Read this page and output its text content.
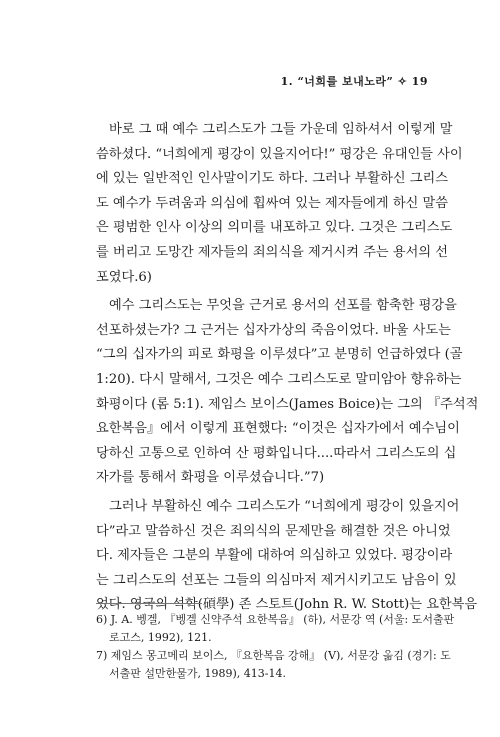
1. “너희를 보내노라” ✧ 19
바로 그 때 예수 그리스도가 그들 가운데 임하셔서 이렇게 말
씀하셨다. “너희에게 평강이 있을지어다!” 평강은 유대인들 사이
에 있는 일반적인 인사말이기도 하다. 그러나 부활하신 그리스
도 예수가 두려움과 의심에 휩싸여 있는 제자들에게 하신 말씀
은 평범한 인사 이상의 의미를 내포하고 있다. 그것은 그리스도
를 버리고 도망간 제자들의 죄의식을 제거시켜 주는 용서의 선
포였다.6)
예수 그리스도는 무엇을 근거로 용서의 선포를 함축한 평강을
선포하셨는가? 그 근거는 십자가상의 죽음이었다. 바울 사도는
“그의 십자가의 피로 화평을 이루셨다”고 분명히 언급하였다 (골
1:20). 다시 말해서, 그것은 예수 그리스도로 말미암아 향유하는
화평이다 (롬 5:1). 제임스 보이스(James Boice)는 그의 『주석적
요한복음』에서 이렇게 표현했다: “이것은 십자가에서 예수님이
당하신 고통으로 인하여 산 평화입니다....따라서 그리스도의 십
자가를 통해서 화평을 이루셨습니다.”7)
그러나 부활하신 예수 그리스도가 “너희에게 평강이 있을지어
다”라고 말씀하신 것은 죄의식의 문제만을 해결한 것은 아니었
다. 제자들은 그분의 부활에 대하여 의심하고 있었다. 평강이라
는 그리스도의 선포는 그들의 의심마저 제거시키고도 남음이 있
었다. 영국의 석학(碩學) 존 스토트(John R. W. Stott)는 요한복음
6) J. A. 벵겔, 『벵겔 신약주석 요한복음』 (하), 서문강 역 (서울: 도서출판
로고스, 1992), 121.
7) 제임스 몽고메리 보이스, 『요한복음 강해』 (V), 서문강 옮김 (경기: 도
서출판 설만한물가, 1989), 413-14.
